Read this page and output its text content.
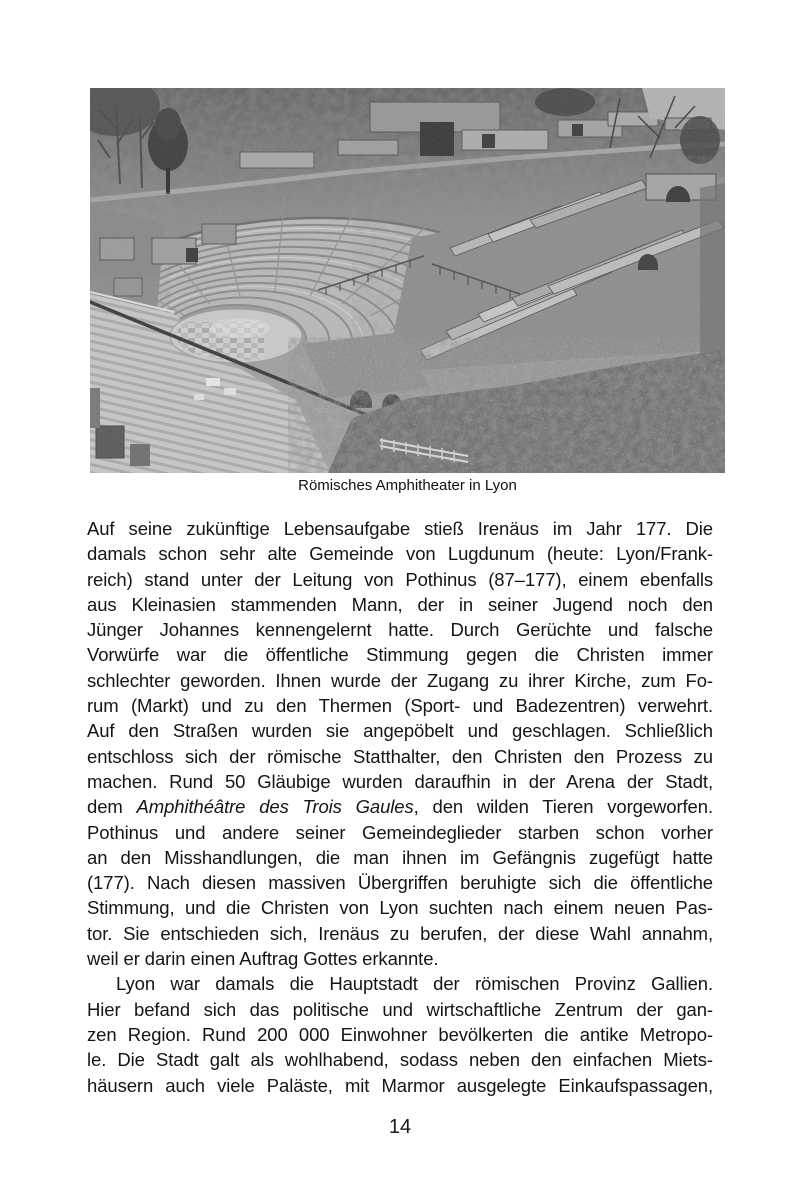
Römisches Amphitheater in Lyon
Auf seine zukünftige Lebensaufgabe stieß Irenäus im Jahr 177. Die
damals schon sehr alte Gemeinde von Lugdunum (heute: Lyon/Frank-
reich) stand unter der Leitung von Pothinus (87–177), einem ebenfalls
aus Kleinasien stammenden Mann, der in seiner Jugend noch den
Jünger Johannes kennengelernt hatte. Durch Gerüchte und falsche
Vorwürfe war die öffentliche Stimmung gegen die Christen immer
schlechter geworden. Ihnen wurde der Zugang zu ihrer Kirche, zum Fo-
rum (Markt) und zu den Thermen (Sport- und Badezentren) verwehrt.
Auf den Straßen wurden sie angepöbelt und geschlagen. Schließlich
entschloss sich der römische Statthalter, den Christen den Prozess zu
machen. Rund 50 Gläubige wurden daraufhin in der Arena der Stadt,
dem Amphithéâtre des Trois Gaules, den wilden Tieren vorgeworfen.
Pothinus und andere seiner Gemeindeglieder starben schon vorher
an den Misshandlungen, die man ihnen im Gefängnis zugefügt hatte
(177). Nach diesen massiven Übergriffen beruhigte sich die öffentliche
Stimmung, und die Christen von Lyon suchten nach einem neuen Pas-
tor. Sie entschieden sich, Irenäus zu berufen, der diese Wahl annahm,
weil er darin einen Auftrag Gottes erkannte.
Lyon war damals die Hauptstadt der römischen Provinz Gallien.
Hier befand sich das politische und wirtschaftliche Zentrum der gan-
zen Region. Rund 200 000 Einwohner bevölkerten die antike Metropo-
le. Die Stadt galt als wohlhabend, sodass neben den einfachen Miets-
häusern auch viele Paläste, mit Marmor ausgelegte Einkaufspassagen,
14
